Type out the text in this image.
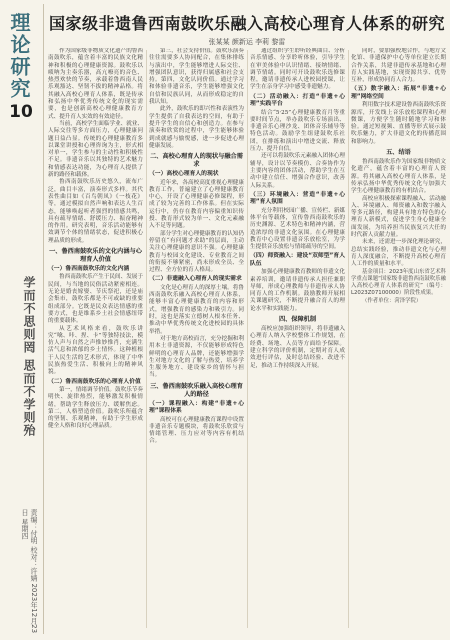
理论研究
10
学而不思则罔 思而不学则殆
责编：付明 校对：许婧 2023年12月23日 星期四
国家级非遗鲁西南鼓吹乐融入高校心理育人体系的研究
张某某 颜新运 李莉 黎雷

作为国家级非物质文化遗产的鲁西南鼓吹乐，蕴含着丰富的民族文化精神和积极的心理健康资源。鼓吹乐以唢呐为主奏乐器，高亢嘹亮的音色、热烈欢快的节奏，承载着鲁西南人民乐观豁达、坚韧不拔的精神品格。将其融入高校心理育人体系，既是传承和弘扬中华优秀传统文化的现实需要，也是创新高校心理健康教育方式、提升育人实效的有效途径。

当前，高校学生面临学业、就业、人际交往等多方面压力，心理健康问题日益凸显。传统的心理健康教育多以课堂讲授和心理咨询为主，形式相对单一，学生参与的主动性和积极性不足。非遗音乐以其独特的艺术魅力和情感表达功能，为心理育人提供了新的路径和载体。

鲁西南鼓吹乐历史悠久，流布广泛，曲目丰富，演奏形式多样。其代表性曲目如《百鸟朝凤》《一枝花》等，通过模拟自然声响和表达人生百态，能够唤起听者强烈的情感共鸣，具有疏导情绪、舒缓压力、振奋精神的作用。研究表明，音乐活动能够有效调节个体的情绪状态，促进积极心理品质的形成。

一、鲁西南鼓吹乐的文化内涵与心理育人价值
（一）鲁西南鼓吹乐的文化内涵

鲁西南鼓吹乐产生于民间、发展于民间，与当地的民俗活动紧密相连。无论是婚丧嫁娶、节庆祭祀，还是庙会集市，鼓吹乐都是不可或缺的重要组成部分。它既是民众表达情感的重要方式，也是维系乡土社会情感纽带的重要载体。

从艺术风格来看，鼓吹乐讲究“噙、咔、捏、卡”等独特技法，模仿人声与自然之声惟妙惟肖，充满生活气息和浓郁的乡土情怀。这种植根于人民生活的艺术形式，体现了中华民族热爱生活、积极向上的精神风貌。

（二）鲁西南鼓吹乐的心理育人价值

第一，情绪调节价值。鼓吹乐节奏明快、旋律热烈，能够激发积极情绪，帮助学生释放压力、缓解焦虑。第二，人格塑造价值。鼓吹乐所蕴含的坚韧、乐观精神，有助于学生形成健全人格和良好心理品质。

第三，社会支持价值。鼓吹乐演奏往往需要多人协同配合，在集体排练与演出中，学生能够增进人际交往、增强团队意识，获得归属感和社会支持。第四，文化认同价值。通过学习和体验非遗音乐，学生能够增强文化自信和民族认同，从而形成稳定的自我认知。

此外，鼓吹乐的即兴性和表演性为学生提供了自我表达的空间，有助于提升学生的自信心和创造力。在参与演奏和欣赏的过程中，学生能够体验到成就感与愉悦感，进一步促进心理健康发展。

二、高校心理育人的现状与融合需求
（一）高校心理育人的现状

近年来，各高校高度重视心理健康教育工作，普遍建立了心理健康教育中心，开设了心理健康必修课程，形成了较为完善的工作体系。但在实际运行中，仍存在教育内容偏重知识传授、教育形式较为单一、文化元素融入不足等问题。

部分学生对心理健康教育的认知仍停留在“有问题才求助”的层面，主动关注心理健康的意识不强。心理健康教育与校园文化建设、专业教育之间的衔接不够紧密，尚未形成全员、全过程、全方位的育人格局。

（二）非遗融入心理育人的现实需求

文化是心理育人的深厚土壤。将鲁西南鼓吹乐融入高校心理育人体系，能够丰富心理健康教育的内容和形式，增强教育的感染力和吸引力。同时，这也是落实立德树人根本任务、推动中华优秀传统文化进校园的具体举措。

对于地方高校而言，充分挖掘和利用本土非遗资源，不仅能够形成特色鲜明的心理育人品牌，还能够增强学生对地方文化的了解与热爱，培养学生服务地方、建设家乡的情怀与担当。

三、鲁西南鼓吹乐融入高校心理育人的路径
（一）课程融入：构建“非遗+心理”课程体系

高校可在心理健康教育课程中设置非遗音乐专题模块，将鼓吹乐欣赏与情绪管理、压力应对等内容有机结合。

通过组织学生聆听经典曲目、分析音乐情感、分享聆听体验，引导学生在审美体验中认识情绪、接纳情绪、调节情绪。同时可开设鼓吹乐选修课程，邀请非遗传承人进校园授课，让学生在亲身学习中感受非遗魅力。

（二）活动融入：打造“非遗+心理”实践平台

结合“5·25”心理健康教育月等重要时间节点，举办鼓吹乐专场演出、非遗音乐心理沙龙、团体音乐辅导等特色活动。鼓励学生组建鼓吹乐社团，在排练和演出中增进交流、释放压力、提升自信。

还可以将鼓吹乐元素融入团体心理辅导，设计以节奏模仿、合奏协作为主要内容的团体活动，帮助学生在互动中建立信任、增强合作意识，改善人际关系。

（三）环境融入：营造“非遗+心理”育人氛围

充分利用校园广播、宣传栏、新媒体平台等载体，宣传鲁西南鼓吹乐的历史渊源、艺术特色和精神内涵，营造浓厚的非遗文化氛围。在心理健康教育中心设置非遗音乐放松室，为学生提供音乐放松与情绪疏导的空间。

（四）师资融入：建设“双师型”育人队伍

加强心理健康教育教师的非遗文化素养培训，邀请非遗传承人担任兼职导师，形成心理教师与非遗传承人协同育人的工作机制。鼓励教师开展相关课题研究，不断提升融合育人的理论水平和实践能力。

四、保障机制

高校应加强组织领导，将非遗融入心理育人纳入学校整体工作规划，在经费、场地、人员等方面给予保障。建立科学的评价机制，定期对育人成效进行评估，及时总结经验、改进不足，推动工作持续深入开展。

同时，要加强校地合作，与地方文化馆、非遗保护中心等单位建立长期合作关系，共建非遗传承基地和心理育人实践基地，实现资源共享、优势互补，形成协同育人合力。

（五）数字融入：拓展“非遗+心理”网络空间

利用数字技术建设鲁西南鼓吹乐资源库，开发线上音乐放松课程和心理微课，方便学生随时随地学习和体验。通过短视频、直播等形式展示鼓吹乐魅力，扩大非遗文化的传播范围和影响力。

五、结语

鲁西南鼓吹乐作为国家级非物质文化遗产，蕴含着丰富的心理育人资源。将其融入高校心理育人体系，是传承弘扬中华优秀传统文化与加强大学生心理健康教育的有机结合。

高校应积极探索课程融入、活动融入、环境融入、师资融入和数字融入等多元路径，构建具有地方特色的心理育人新模式，促进学生身心健康全面发展，为培养担当民族复兴大任的时代新人贡献力量。

未来，还需进一步深化理论研究，总结实践经验，推动非遗文化与心理育人深度融合，不断提升高校心理育人工作的质量和水平。

基金项目：2023年度山东省艺术科学重点课题“国家级非遗鲁西南鼓吹乐融入高校心理育人体系的研究”（编号：L2023Z07100000）阶段性成果。

（作者单位：菏泽学院）
